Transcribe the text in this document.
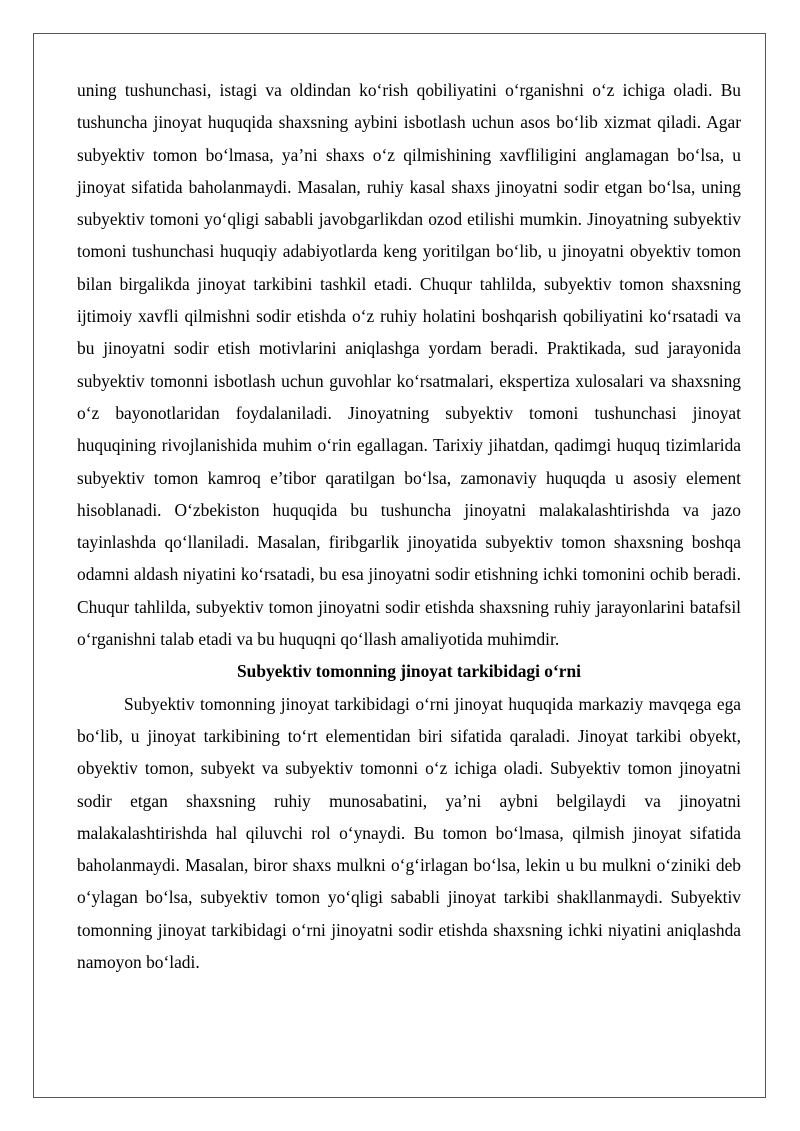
uning tushunchasi, istagi va oldindan ko‘rish qobiliyatini o‘rganishni o‘z ichiga oladi. Bu tushuncha jinoyat huquqida shaxsning aybini isbotlash uchun asos bo‘lib xizmat qiladi. Agar subyektiv tomon bo‘lmasa, ya’ni shaxs o‘z qilmishining xavfliligini anglamagan bo‘lsa, u jinoyat sifatida baholanmaydi. Masalan, ruhiy kasal shaxs jinoyatni sodir etgan bo‘lsa, uning subyektiv tomoni yo‘qligi sababli javobgarlikdan ozod etilishi mumkin. Jinoyatning subyektiv tomoni tushunchasi huquqiy adabiyotlarda keng yoritilgan bo‘lib, u jinoyatni obyektiv tomon bilan birgalikda jinoyat tarkibini tashkil etadi. Chuqur tahlilda, subyektiv tomon shaxsning ijtimoiy xavfli qilmishni sodir etishda o‘z ruhiy holatini boshqarish qobiliyatini ko‘rsatadi va bu jinoyatni sodir etish motivlarini aniqlashga yordam beradi. Praktikada, sud jarayonida subyektiv tomonni isbotlash uchun guvohlar ko‘rsatmalari, ekspertiza xulosalari va shaxsning o‘z bayonotlaridan foydalaniladi. Jinoyatning subyektiv tomoni tushunchasi jinoyat huquqining rivojlanishida muhim o‘rin egallagan. Tarixiy jihatdan, qadimgi huquq tizimlarida subyektiv tomon kamroq e’tibor qaratilgan bo‘lsa, zamonaviy huquqda u asosiy element hisoblanadi. O‘zbekiston huquqida bu tushuncha jinoyatni malakalashtirishda va jazo tayinlashda qo‘llaniladi. Masalan, firibgarlik jinoyatida subyektiv tomon shaxsning boshqa odamni aldash niyatini ko‘rsatadi, bu esa jinoyatni sodir etishning ichki tomonini ochib beradi. Chuqur tahlilda, subyektiv tomon jinoyatni sodir etishda shaxsning ruhiy jarayonlarini batafsil o‘rganishni talab etadi va bu huquqni qo‘llash amaliyotida muhimdir.

Subyektiv tomonning jinoyat tarkibidagi o‘rni

Subyektiv tomonning jinoyat tarkibidagi o‘rni jinoyat huquqida markaziy mavqega ega bo‘lib, u jinoyat tarkibining to‘rt elementidan biri sifatida qaraladi. Jinoyat tarkibi obyekt, obyektiv tomon, subyekt va subyektiv tomonni o‘z ichiga oladi. Subyektiv tomon jinoyatni sodir etgan shaxsning ruhiy munosabatini, ya’ni aybni belgilaydi va jinoyatni malakalashtirishda hal qiluvchi rol o‘ynaydi. Bu tomon bo‘lmasa, qilmish jinoyat sifatida baholanmaydi. Masalan, biror shaxs mulkni o‘g‘irlagan bo‘lsa, lekin u bu mulkni o‘ziniki deb o‘ylagan bo‘lsa, subyektiv tomon yo‘qligi sababli jinoyat tarkibi shakllanmaydi. Subyektiv tomonning jinoyat tarkibidagi o‘rni jinoyatni sodir etishda shaxsning ichki niyatini aniqlashda namoyon bo‘ladi.
